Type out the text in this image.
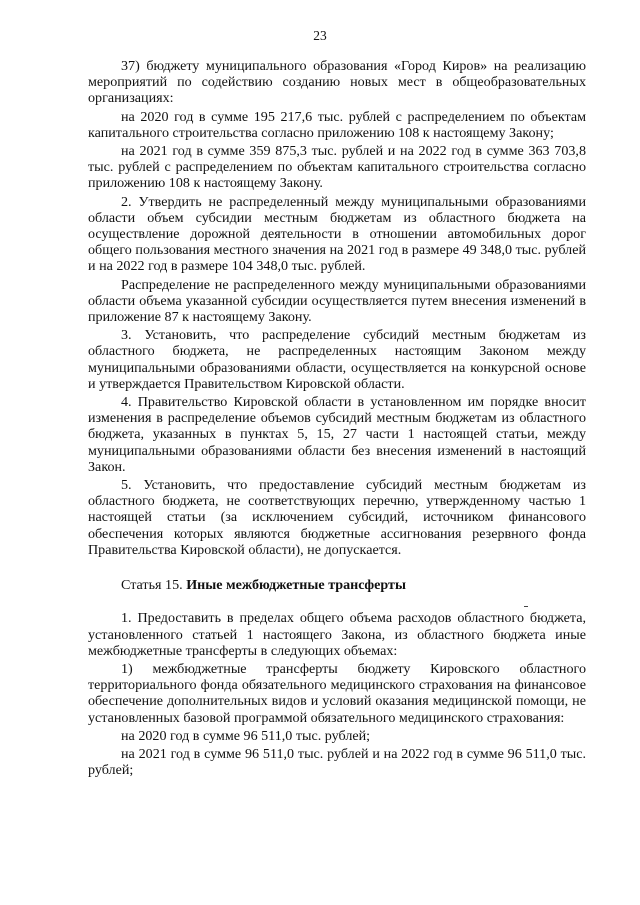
23

37) бюджету муниципального образования «Город Киров» на реализацию мероприятий по содействию созданию новых мест в общеобразовательных организациях:

на 2020 год в сумме 195 217,6 тыс. рублей с распределением по объектам капитального строительства согласно приложению 108 к настоящему Закону;

на 2021 год в сумме 359 875,3 тыс. рублей и на 2022 год в сумме 363 703,8 тыс. рублей с распределением по объектам капитального строительства согласно приложению 108 к настоящему Закону.

2. Утвердить не распределенный между муниципальными образованиями области объем субсидии местным бюджетам из областного бюджета на осуществление дорожной деятельности в отношении автомобильных дорог общего пользования местного значения на 2021 год в размере 49 348,0 тыс. рублей и на 2022 год в размере 104 348,0 тыс. рублей.

Распределение не распределенного между муниципальными образованиями области объема указанной субсидии осуществляется путем внесения изменений в приложение 87 к настоящему Закону.

3. Установить, что распределение субсидий местным бюджетам из областного бюджета, не распределенных настоящим Законом между муниципальными образованиями области, осуществляется на конкурсной основе и утверждается Правительством Кировской области.

4. Правительство Кировской области в установленном им порядке вносит изменения в распределение объемов субсидий местным бюджетам из областного бюджета, указанных в пунктах 5, 15, 27 части 1 настоящей статьи, между муниципальными образованиями области без внесения изменений в настоящий Закон.

5. Установить, что предоставление субсидий местным бюджетам из областного бюджета, не соответствующих перечню, утвержденному частью 1 настоящей статьи (за исключением субсидий, источником финансового обеспечения которых являются бюджетные ассигнования резервного фонда Правительства Кировской области), не допускается.

Статья 15. Иные межбюджетные трансферты

1. Предоставить в пределах общего объема расходов областного бюджета, установленного статьей 1 настоящего Закона, из областного бюджета иные межбюджетные трансферты в следующих объемах:

1) межбюджетные трансферты бюджету Кировского областного территориального фонда обязательного медицинского страхования на финансовое обеспечение дополнительных видов и условий оказания медицинской помощи, не установленных базовой программой обязательного медицинского страхования:

на 2020 год в сумме 96 511,0 тыс. рублей;

на 2021 год в сумме 96 511,0 тыс. рублей и на 2022 год в сумме 96 511,0 тыс. рублей;
